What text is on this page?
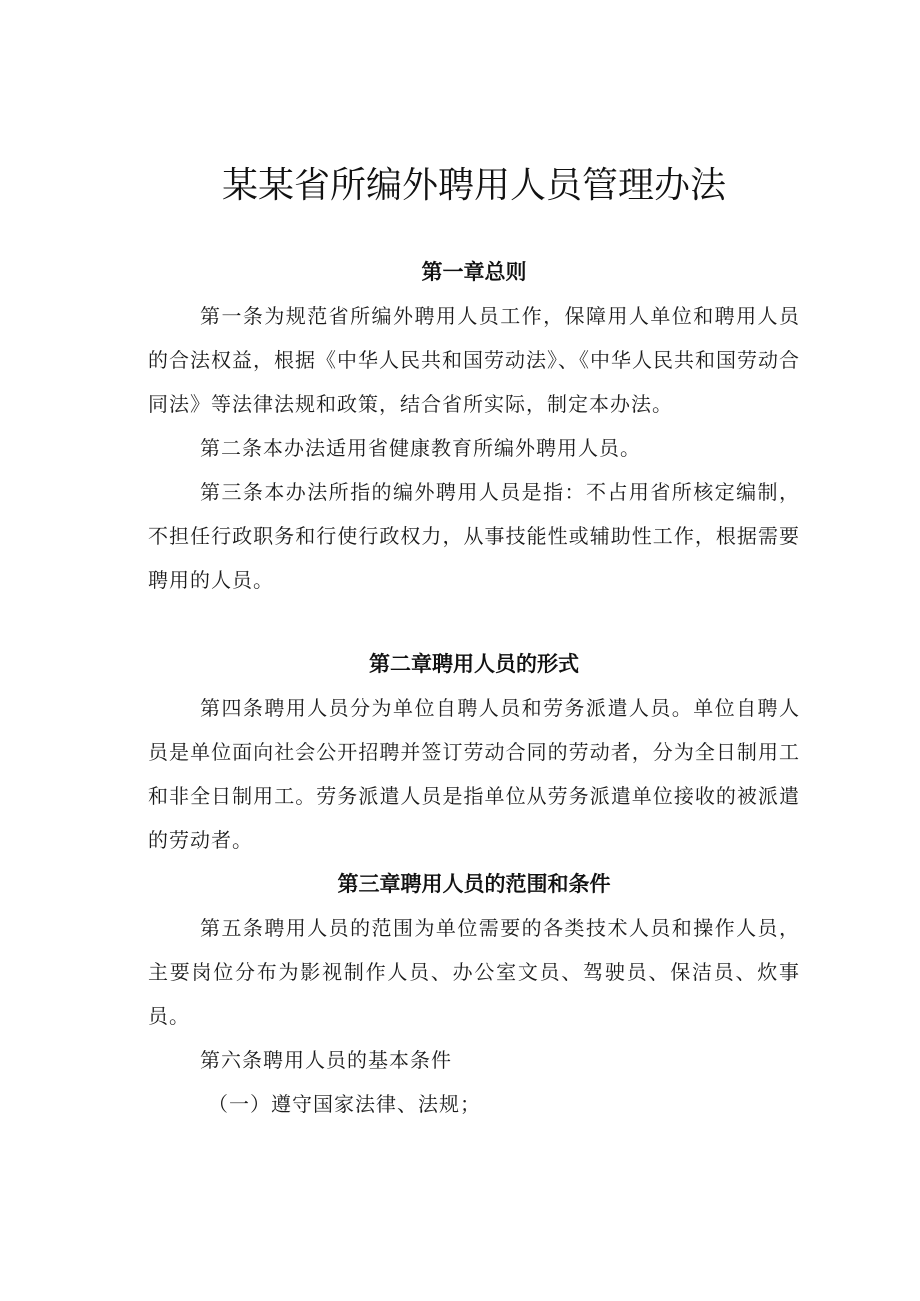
某某省所编外聘用人员管理办法
第一章总则

第一条为规范省所编外聘用人员工作，保障用人单位和聘用人员的合法权益，根据《中华人民共和国劳动法》、《中华人民共和国劳动合同法》等法律法规和政策，结合省所实际，制定本办法。

第二条本办法适用省健康教育所编外聘用人员。

第三条本办法所指的编外聘用人员是指：不占用省所核定编制，不担任行政职务和行使行政权力，从事技能性或辅助性工作，根据需要聘用的人员。

第二章聘用人员的形式

第四条聘用人员分为单位自聘人员和劳务派遣人员。单位自聘人员是单位面向社会公开招聘并签订劳动合同的劳动者，分为全日制用工和非全日制用工。劳务派遣人员是指单位从劳务派遣单位接收的被派遣的劳动者。

第三章聘用人员的范围和条件

第五条聘用人员的范围为单位需要的各类技术人员和操作人员，主要岗位分布为影视制作人员、办公室文员、驾驶员、保洁员、炊事员。

第六条聘用人员的基本条件

（一）遵守国家法律、法规；
